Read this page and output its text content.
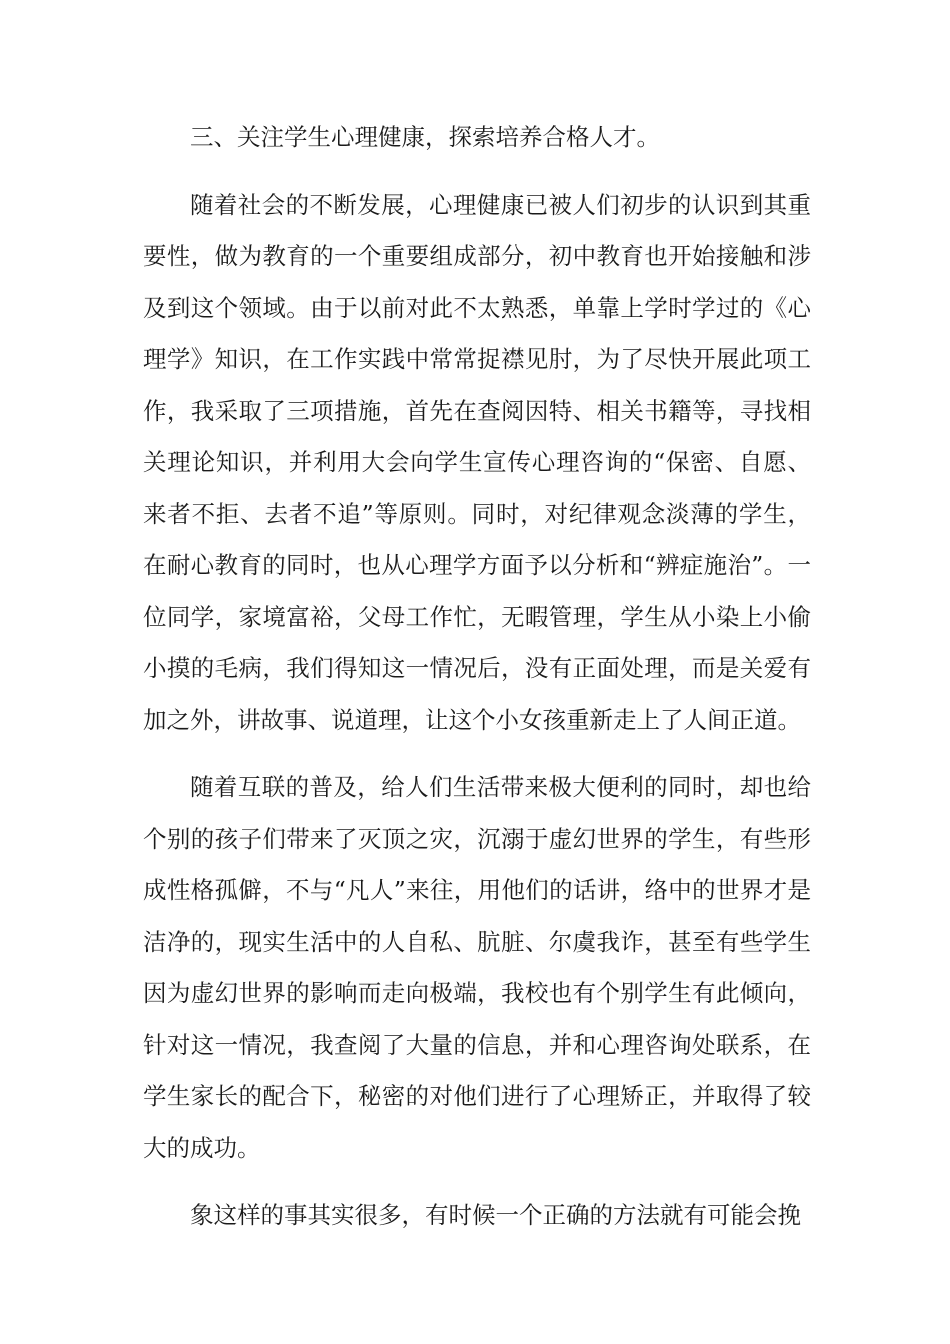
三、关注学生心理健康，探索培养合格人才。

随着社会的不断发展，心理健康已被人们初步的认识到其重要性，做为教育的一个重要组成部分，初中教育也开始接触和涉及到这个领域。由于以前对此不太熟悉，单靠上学时学过的《心理学》知识，在工作实践中常常捉襟见肘，为了尽快开展此项工作，我采取了三项措施，首先在查阅因特、相关书籍等，寻找相关理论知识，并利用大会向学生宣传心理咨询的“保密、自愿、来者不拒、去者不追”等原则。同时，对纪律观念淡薄的学生，在耐心教育的同时，也从心理学方面予以分析和“辨症施治”。一位同学，家境富裕，父母工作忙，无暇管理，学生从小染上小偷小摸的毛病，我们得知这一情况后，没有正面处理，而是关爱有加之外，讲故事、说道理，让这个小女孩重新走上了人间正道。

随着互联的普及，给人们生活带来极大便利的同时，却也给个别的孩子们带来了灭顶之灾，沉溺于虚幻世界的学生，有些形成性格孤僻，不与“凡人”来往，用他们的话讲，络中的世界才是洁净的，现实生活中的人自私、肮脏、尔虞我诈，甚至有些学生因为虚幻世界的影响而走向极端，我校也有个别学生有此倾向，针对这一情况，我查阅了大量的信息，并和心理咨询处联系，在学生家长的配合下，秘密的对他们进行了心理矫正，并取得了较大的成功。

象这样的事其实很多，有时候一个正确的方法就有可能会挽
